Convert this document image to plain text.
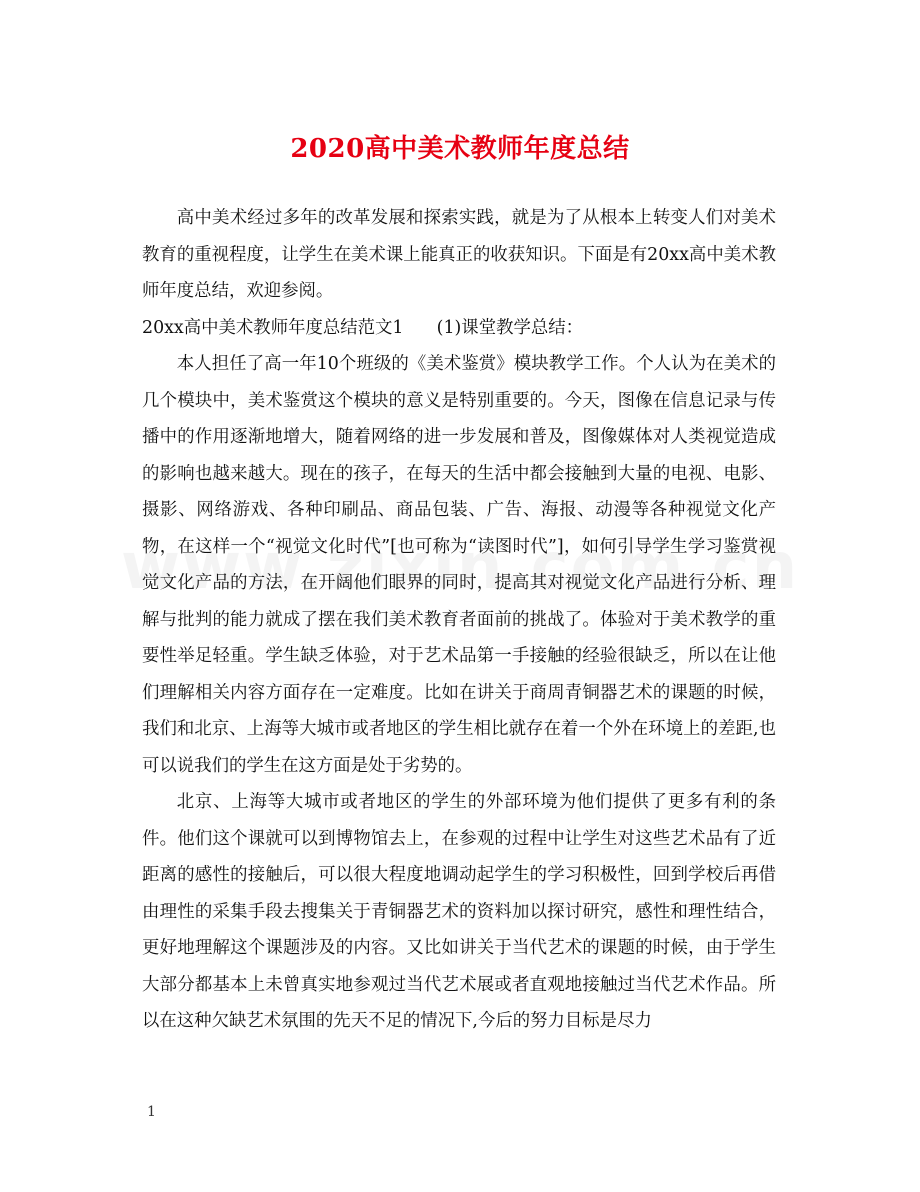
2020高中美术教师年度总结

高中美术经过多年的改革发展和探索实践，就是为了从根本上转变人们对美术教育的重视程度，让学生在美术课上能真正的收获知识。下面是有20xx高中美术教师年度总结，欢迎参阅。

20xx高中美术教师年度总结范文1      (1)课堂教学总结：

本人担任了高一年10个班级的《美术鉴赏》模块教学工作。个人认为在美术的几个模块中，美术鉴赏这个模块的意义是特别重要的。今天，图像在信息记录与传播中的作用逐渐地增大，随着网络的进一步发展和普及，图像媒体对人类视觉造成的影响也越来越大。现在的孩子，在每天的生活中都会接触到大量的电视、电影、摄影、网络游戏、各种印刷品、商品包装、广告、海报、动漫等各种视觉文化产物，在这样一个“视觉文化时代”[也可称为“读图时代”]，如何引导学生学习鉴赏视觉文化产品的方法，在开阔他们眼界的同时，提高其对视觉文化产品进行分析、理解与批判的能力就成了摆在我们美术教育者面前的挑战了。体验对于美术教学的重要性举足轻重。学生缺乏体验，对于艺术品第一手接触的经验很缺乏，所以在让他们理解相关内容方面存在一定难度。比如在讲关于商周青铜器艺术的课题的时候，我们和北京、上海等大城市或者地区的学生相比就存在着一个外在环境上的差距,也可以说我们的学生在这方面是处于劣势的。

北京、上海等大城市或者地区的学生的外部环境为他们提供了更多有利的条件。他们这个课就可以到博物馆去上，在参观的过程中让学生对这些艺术品有了近距离的感性的接触后，可以很大程度地调动起学生的学习积极性，回到学校后再借由理性的采集手段去搜集关于青铜器艺术的资料加以探讨研究，感性和理性结合，更好地理解这个课题涉及的内容。又比如讲关于当代艺术的课题的时候，由于学生大部分都基本上未曾真实地参观过当代艺术展或者直观地接触过当代艺术作品。所以在这种欠缺艺术氛围的先天不足的情况下,今后的努力目标是尽力

1
